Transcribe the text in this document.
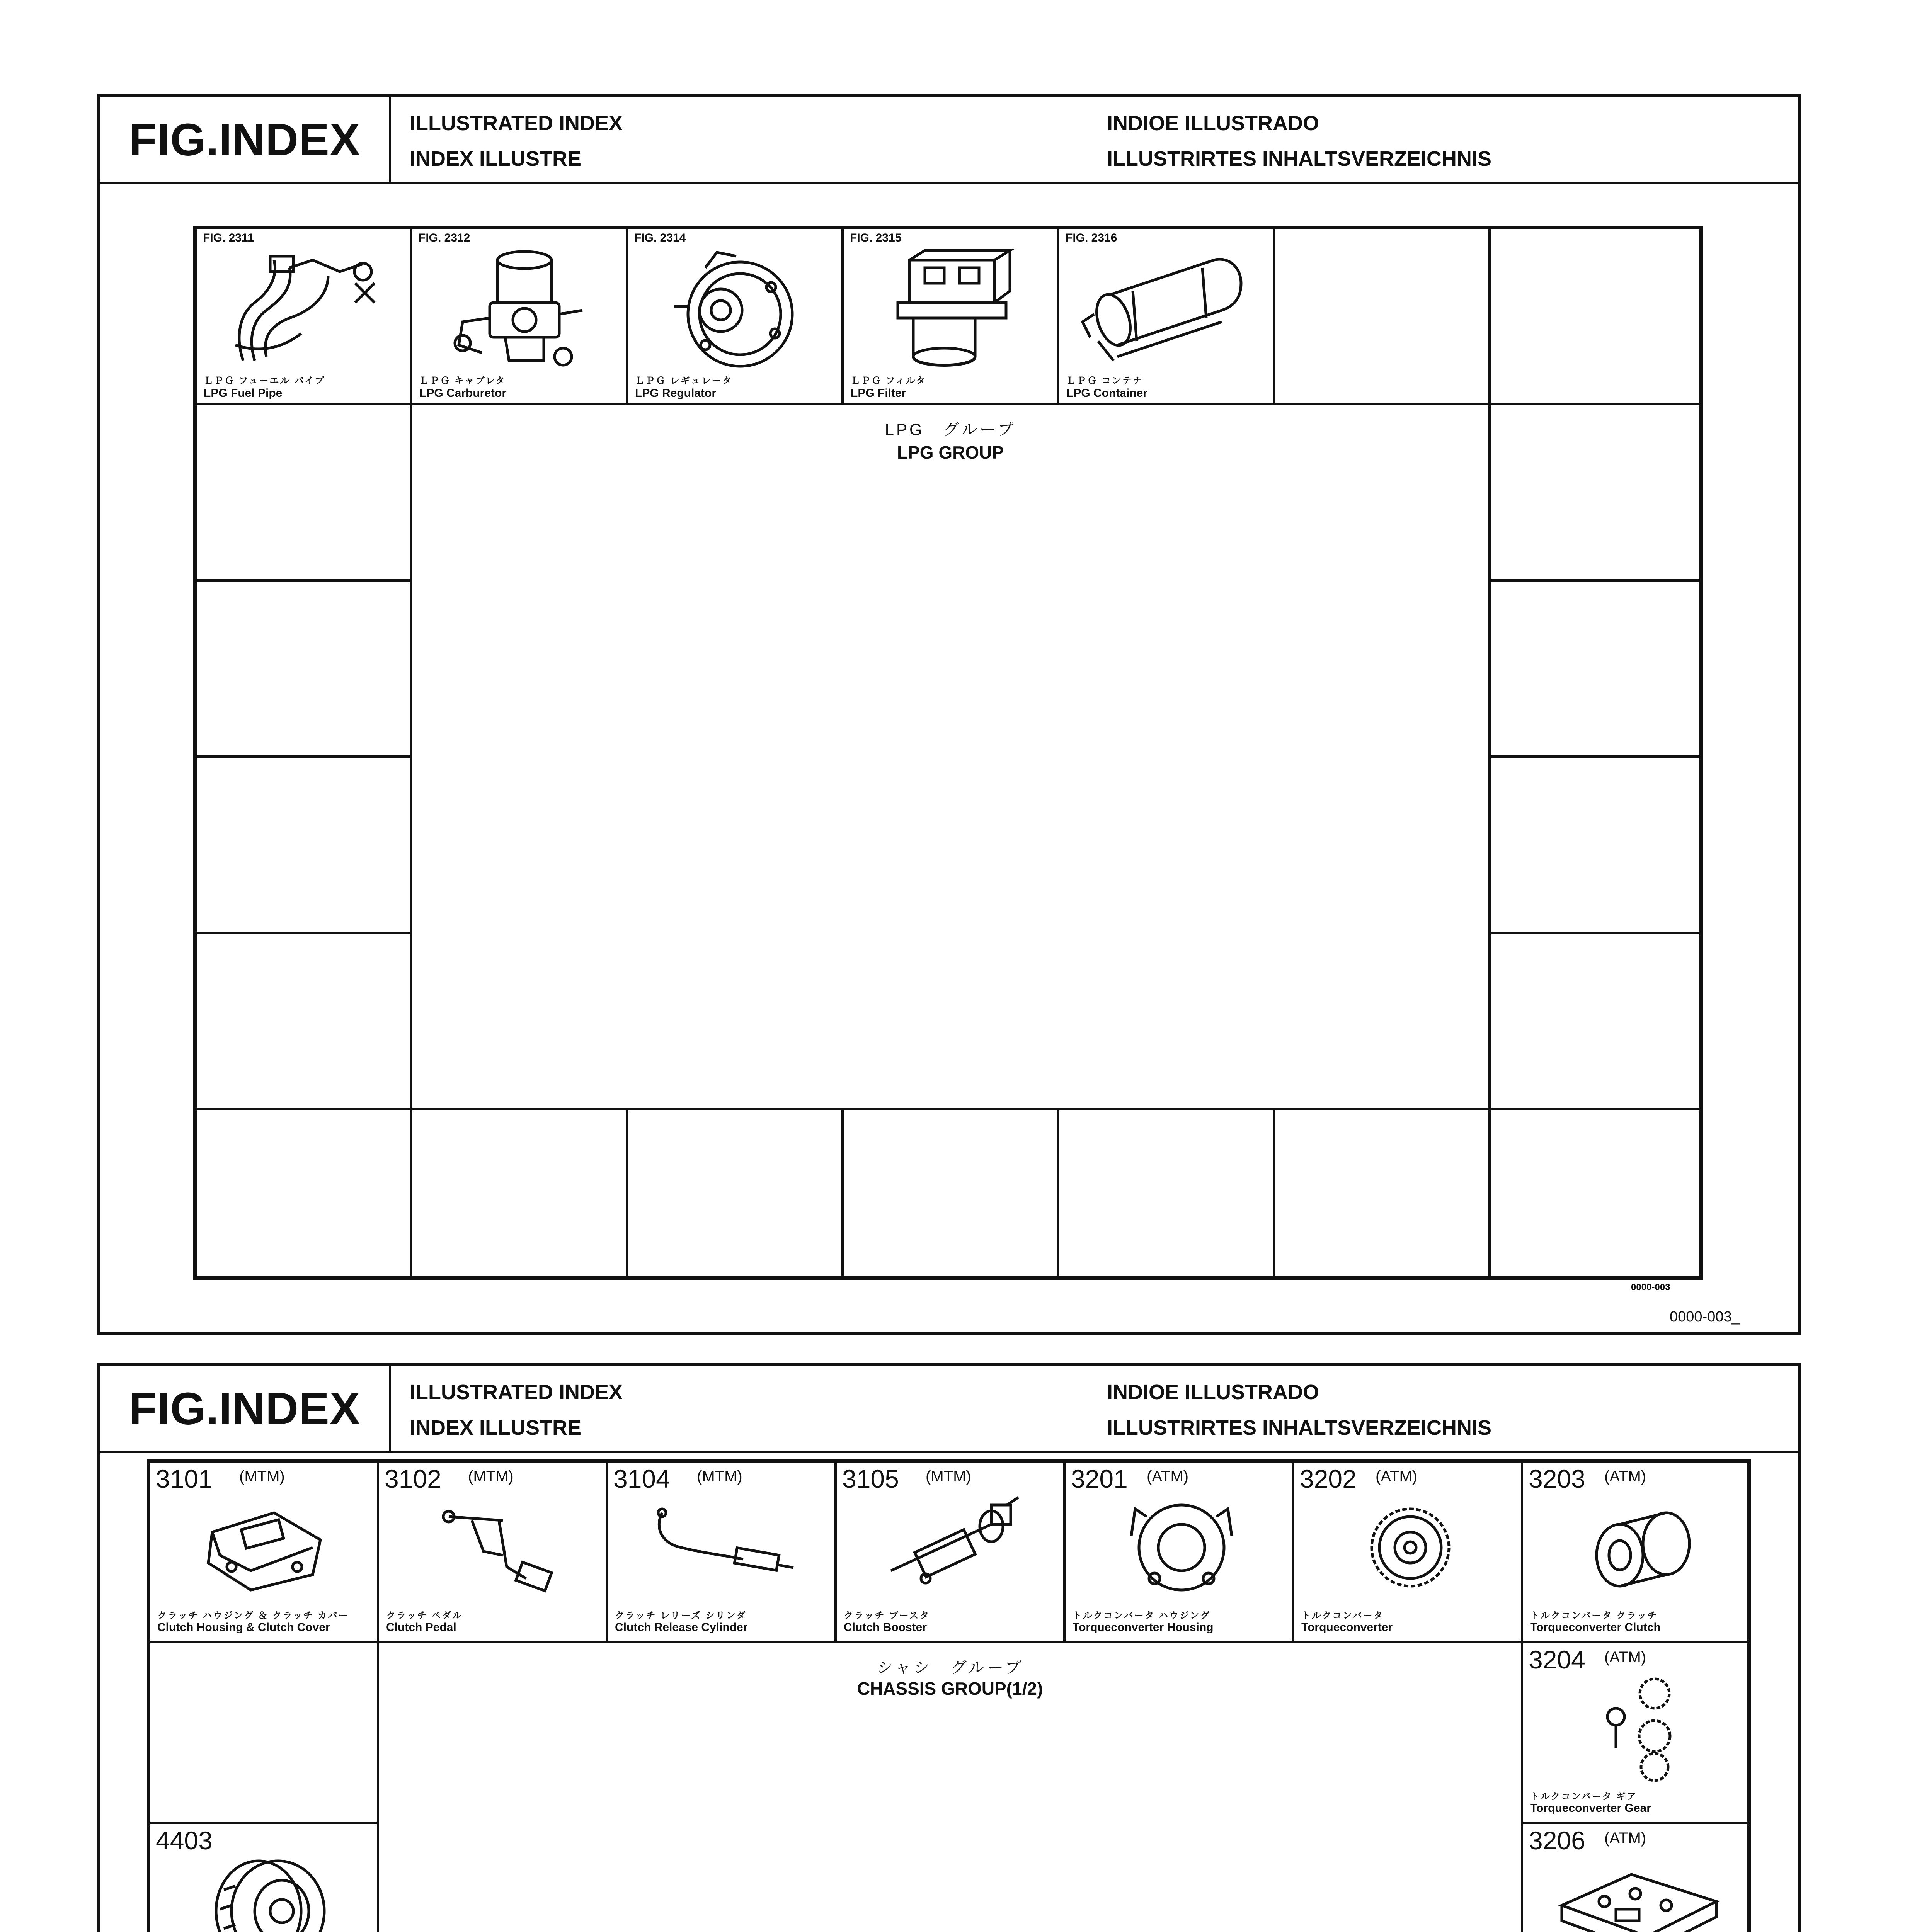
FIG.INDEX	ILLUSTRATED INDEX
INDEX ILLUSTRE
INDIOE ILLUSTRADO
ILLUSTRIRTES INHALTSVERZEICHNIS
FIG. 2311
ＬＰＧ フューエル パイプ
LPG Fuel Pipe
FIG. 2312
ＬＰＧ キャブレタ
LPG Carburetor
FIG. 2314
ＬＰＧ レギュレータ
LPG Regulator
FIG. 2315
ＬＰＧ フィルタ
LPG Filter
FIG. 2316
ＬＰＧ コンテナ
LPG Container
LPG　グループ
LPG GROUP
0000-003
0000-003_
FIG.INDEX	ILLUSTRATED INDEX
INDEX ILLUSTRE
INDIOE ILLUSTRADO
ILLUSTRIRTES INHALTSVERZEICHNIS
3101 (MTM)
クラッチ ハウジング ＆ クラッチ カバー
Clutch Housing & Clutch Cover
3102 (MTM)
クラッチ ペダル
Clutch Pedal
3104 (MTM)
クラッチ レリーズ シリンダ
Clutch Release Cylinder
3105 (MTM)
クラッチ ブースタ
Clutch Booster
3201 (ATM)
トルクコンバータ ハウジング
Torqueconverter Housing
3202 (ATM)
トルクコンバータ
Torqueconverter
3203 (ATM)
トルクコンバータ クラッチ
Torqueconverter Clutch
3204 (ATM)
トルクコンバータ ギア
Torqueconverter Gear
3206 (ATM)
4403
シャシ　グループ
CHASSIS GROUP(1/2)
